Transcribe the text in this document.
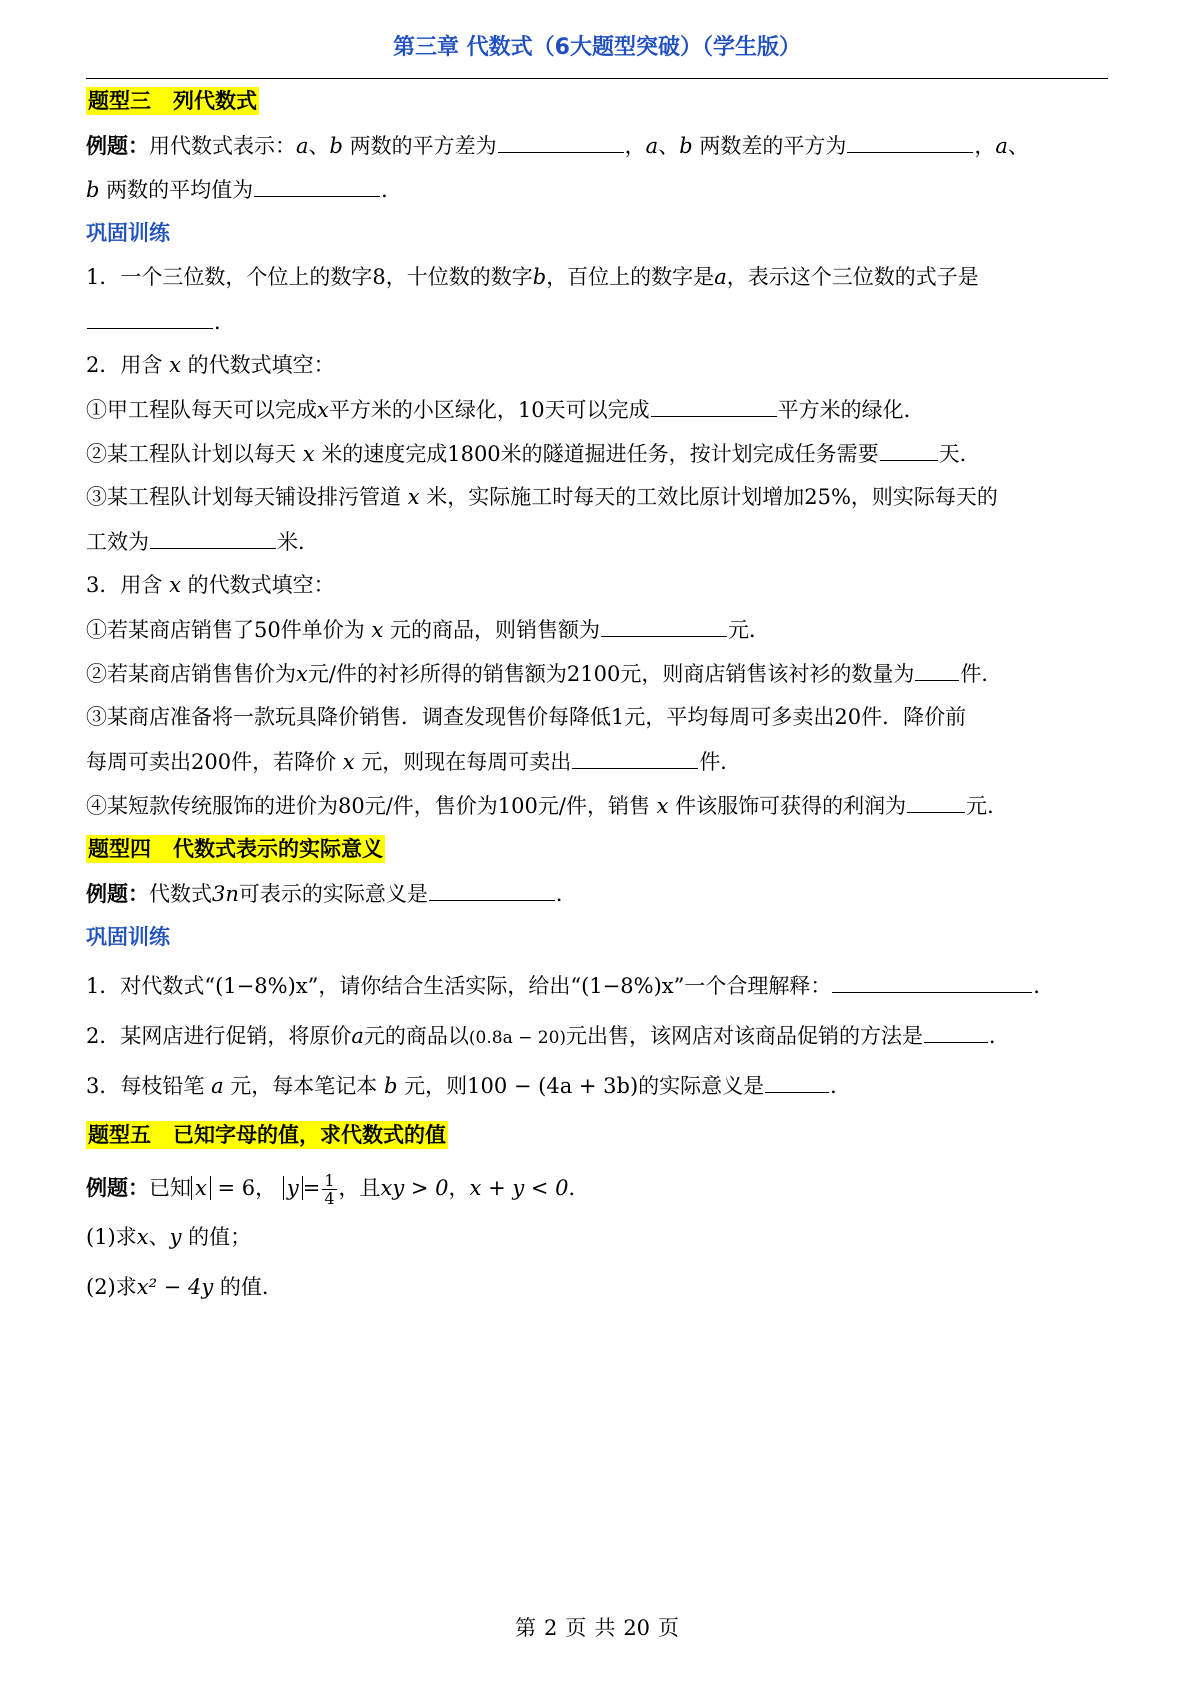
第三章 代数式（6大题型突破）（学生版）
题型三 列代数式
例题：用代数式表示：a、b 两数的平方差为	，a、b 两数差的平方为	，a、
b 两数的平均值为	．
巩固训练
1．一个三位数，个位上的数字8，十位数的数字b，百位上的数字是a，表示这个三位数的式子是
．
2．用含 x 的代数式填空：
①甲工程队每天可以完成x平方米的小区绿化，10天可以完成	平方米的绿化．
②某工程队计划以每天 x 米的速度完成1800米的隧道掘进任务，按计划完成任务需要	天．
③某工程队计划每天铺设排污管道 x 米，实际施工时每天的工效比原计划增加25%，则实际每天的
工效为	米．
3．用含 x 的代数式填空：
①若某商店销售了50件单价为 x 元的商品，则销售额为	元．
②若某商店销售售价为x元/件的衬衫所得的销售额为2100元，则商店销售该衬衫的数量为 件．
③某商店准备将一款玩具降价销售．调查发现售价每降低1元，平均每周可多卖出20件．降价前
每周可卖出200件，若降价 x 元，则现在每周可卖出	件．
④某短款传统服饰的进价为80元/件，售价为100元/件，销售 x 件该服饰可获得的利润为	元．
题型四 代数式表示的实际意义
例题：代数式3n可表示的实际意义是	．
巩固训练
1．对代数式“(1−8%)x”，请你结合生活实际，给出“(1−8%)x”一个合理解释：	．
2．某网店进行促销，将原价a元的商品以(0.8a − 20)元出售，该网店对该商品促销的方法是	．
3．每枝铅笔 a 元，每本笔记本 b 元，则100 − (4a + 3b)的实际意义是	．
题型五 已知字母的值，求代数式的值
例题：已知 x = 6， $y = \frac{1}{4}$ ，且xy > 0，x + y < 0．
(1)求x、y 的值；
(2)求x² − 4y 的值．
第 2 页 共 20 页
